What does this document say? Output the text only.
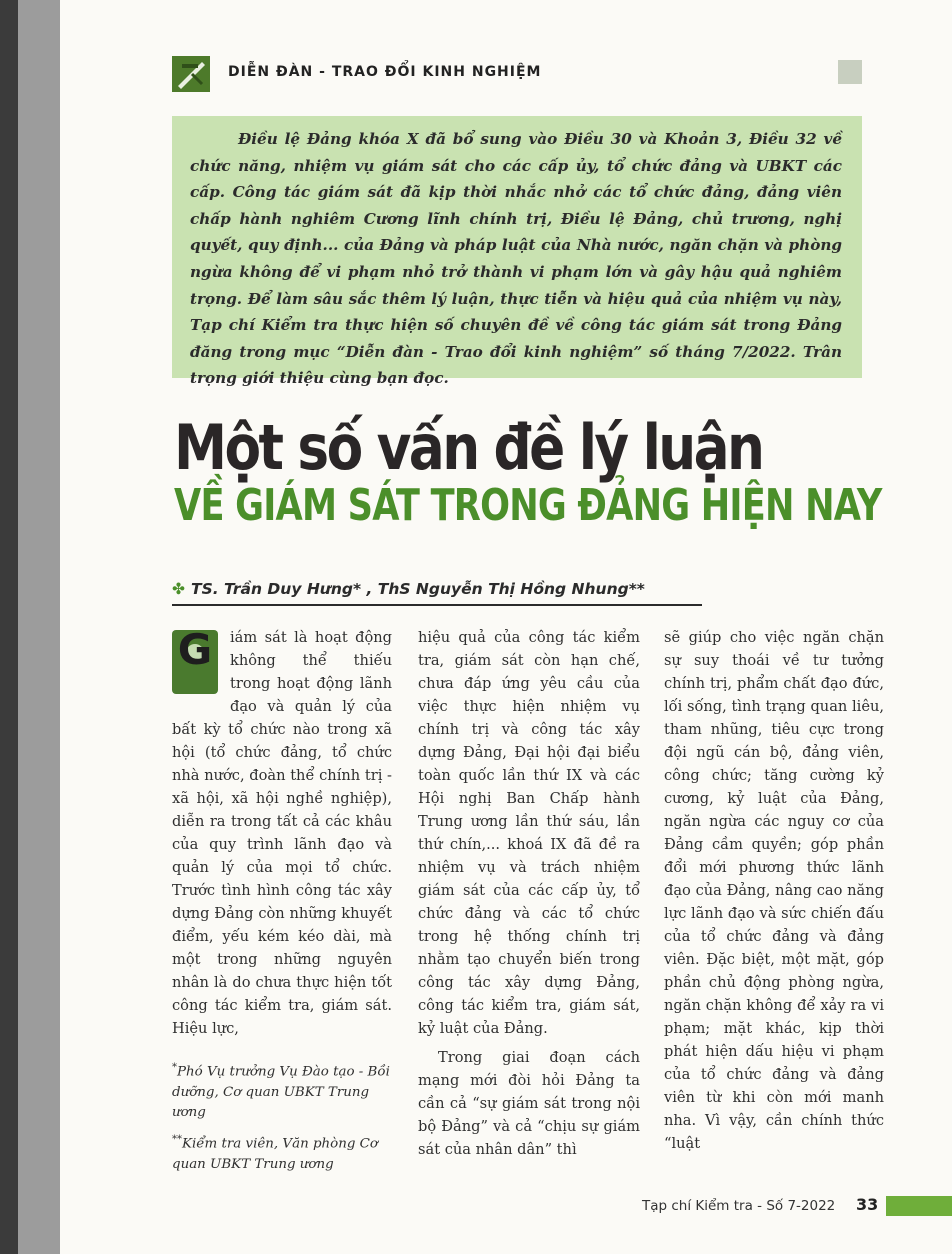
DIỄN ĐÀN - TRAO ĐỔI KINH NGHIỆM
Điều lệ Đảng khóa X đã bổ sung vào Điều 30 và Khoản 3, Điều 32 về chức năng, nhiệm vụ giám sát cho các cấp ủy, tổ chức đảng và UBKT các cấp. Công tác giám sát đã kịp thời nhắc nhở các tổ chức đảng, đảng viên chấp hành nghiêm Cương lĩnh chính trị, Điều lệ Đảng, chủ trương, nghị quyết, quy định... của Đảng và pháp luật của Nhà nước, ngăn chặn và phòng ngừa không để vi phạm nhỏ trở thành vi phạm lớn và gây hậu quả nghiêm trọng. Để làm sâu sắc thêm lý luận, thực tiễn và hiệu quả của nhiệm vụ này, Tạp chí Kiểm tra thực hiện số chuyên đề về công tác giám sát trong Đảng đăng trong mục “Diễn đàn - Trao đổi kinh nghiệm” số tháng 7/2022. Trân trọng giới thiệu cùng bạn đọc.
Một số vấn đề lý luận
VỀ GIÁM SÁT TRONG ĐẢNG HIỆN NAY
✤ TS. Trần Duy Hưng* , ThS Nguyễn Thị Hồng Nhung**
G	iám sát là hoạt động không thể thiếu trong hoạt động lãnh đạo và quản lý của bất kỳ tổ chức nào trong xã hội (tổ chức đảng, tổ chức nhà nước, đoàn thể chính trị - xã hội, xã hội nghề nghiệp), diễn ra trong tất cả các khâu của quy trình lãnh đạo và quản lý của mọi tổ chức. Trước tình hình công tác xây dựng Đảng còn những khuyết điểm, yếu kém kéo dài, mà một trong những nguyên nhân là do chưa thực hiện tốt công tác kiểm tra, giám sát. Hiệu lực,

hiệu quả của công tác kiểm tra, giám sát còn hạn chế, chưa đáp ứng yêu cầu của việc thực hiện nhiệm vụ chính trị và công tác xây dựng Đảng, Đại hội đại biểu toàn quốc lần thứ IX và các Hội nghị Ban Chấp hành Trung ương lần thứ sáu, lần thứ chín,... khoá IX đã đề ra nhiệm vụ và trách nhiệm giám sát của các cấp ủy, tổ chức đảng và các tổ chức trong hệ thống chính trị nhằm tạo chuyển biến trong công tác xây dựng Đảng, công tác kiểm tra, giám sát, kỷ luật của Đảng.

Trong giai đoạn cách mạng mới đòi hỏi Đảng ta cần cả “sự giám sát trong nội bộ Đảng” và cả “chịu sự giám sát của nhân dân” thì

sẽ giúp cho việc ngăn chặn sự suy thoái về tư tưởng chính trị, phẩm chất đạo đức, lối sống, tình trạng quan liêu, tham nhũng, tiêu cực trong đội ngũ cán bộ, đảng viên, công chức; tăng cường kỷ cương, kỷ luật của Đảng, ngăn ngừa các nguy cơ của Đảng cầm quyền; góp phần đổi mới phương thức lãnh đạo của Đảng, nâng cao năng lực lãnh đạo và sức chiến đấu của tổ chức đảng và đảng viên. Đặc biệt, một mặt, góp phần chủ động phòng ngừa, ngăn chặn không để xảy ra vi phạm; mặt khác, kịp thời phát hiện dấu hiệu vi phạm của tổ chức đảng và đảng viên từ khi còn mới manh nha. Vì vậy, cần chính thức “luật

*Phó Vụ trưởng Vụ Đào tạo - Bồi dưỡng, Cơ quan UBKT Trung ương

**Kiểm tra viên, Văn phòng Cơ quan UBKT Trung ương

Tạp chí Kiểm tra - Số 7-2022 33
